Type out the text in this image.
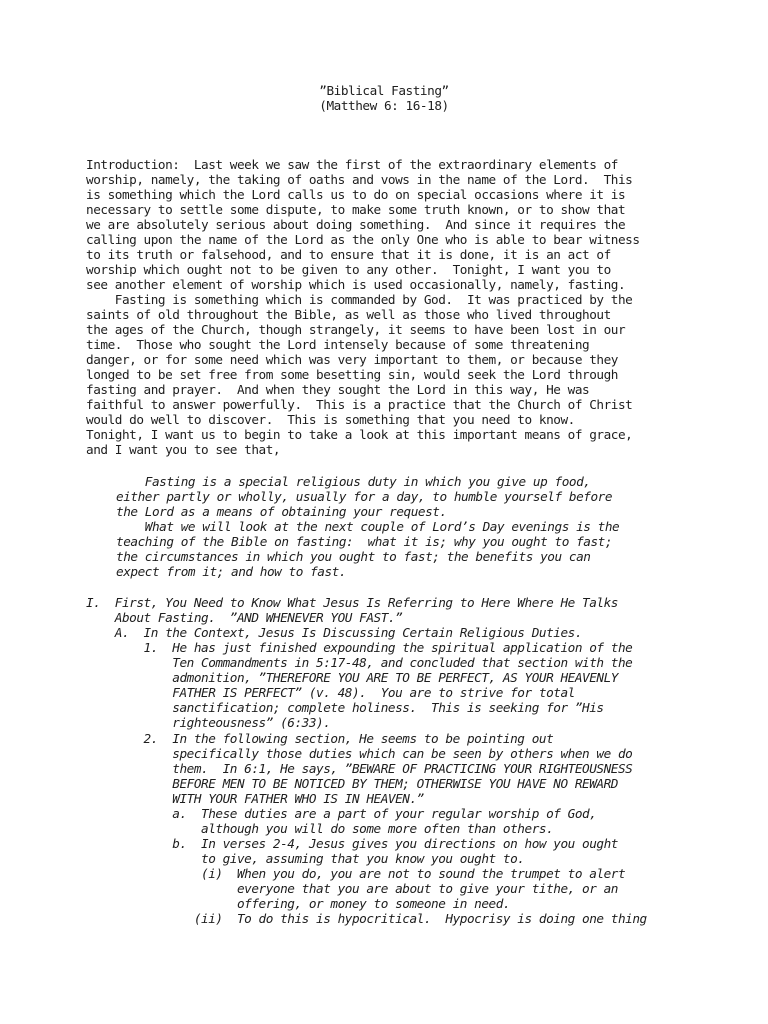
”Biblical Fasting”
(Matthew 6: 16-18)
Introduction:  Last week we saw the first of the extraordinary elements of
worship, namely, the taking of oaths and vows in the name of the Lord.  This
is something which the Lord calls us to do on special occasions where it is
necessary to settle some dispute, to make some truth known, or to show that
we are absolutely serious about doing something.  And since it requires the
calling upon the name of the Lord as the only One who is able to bear witness
to its truth or falsehood, and to ensure that it is done, it is an act of
worship which ought not to be given to any other.  Tonight, I want you to
see another element of worship which is used occasionally, namely, fasting.
Fasting is something which is commanded by God.  It was practiced by the
saints of old throughout the Bible, as well as those who lived throughout
the ages of the Church, though strangely, it seems to have been lost in our
time.  Those who sought the Lord intensely because of some threatening
danger, or for some need which was very important to them, or because they
longed to be set free from some besetting sin, would seek the Lord through
fasting and prayer.  And when they sought the Lord in this way, He was
faithful to answer powerfully.  This is a practice that the Church of Christ
would do well to discover.  This is something that you need to know.
Tonight, I want us to begin to take a look at this important means of grace,
and I want you to see that,
Fasting is a special religious duty in which you give up food,
either partly or wholly, usually for a day, to humble yourself before
the Lord as a means of obtaining your request.
What we will look at the next couple of Lord’s Day evenings is the
teaching of the Bible on fasting:  what it is; why you ought to fast;
the circumstances in which you ought to fast; the benefits you can
expect from it; and how to fast.
I.  First, You Need to Know What Jesus Is Referring to Here Where He Talks
About Fasting.  ”AND WHENEVER YOU FAST.”
A.  In the Context, Jesus Is Discussing Certain Religious Duties.
1.  He has just finished expounding the spiritual application of the
Ten Commandments in 5:17-48, and concluded that section with the
admonition, ”THEREFORE YOU ARE TO BE PERFECT, AS YOUR HEAVENLY
FATHER IS PERFECT” (v. 48).  You are to strive for total
sanctification; complete holiness.  This is seeking for ”His
righteousness” (6:33).
2.  In the following section, He seems to be pointing out
specifically those duties which can be seen by others when we do
them.  In 6:1, He says, ”BEWARE OF PRACTICING YOUR RIGHTEOUSNESS
BEFORE MEN TO BE NOTICED BY THEM; OTHERWISE YOU HAVE NO REWARD
WITH YOUR FATHER WHO IS IN HEAVEN.”
a.  These duties are a part of your regular worship of God,
although you will do some more often than others.
b.  In verses 2-4, Jesus gives you directions on how you ought
to give, assuming that you know you ought to.
(i)  When you do, you are not to sound the trumpet to alert
everyone that you are about to give your tithe, or an
offering, or money to someone in need.
(ii)  To do this is hypocritical.  Hypocrisy is doing one thing
